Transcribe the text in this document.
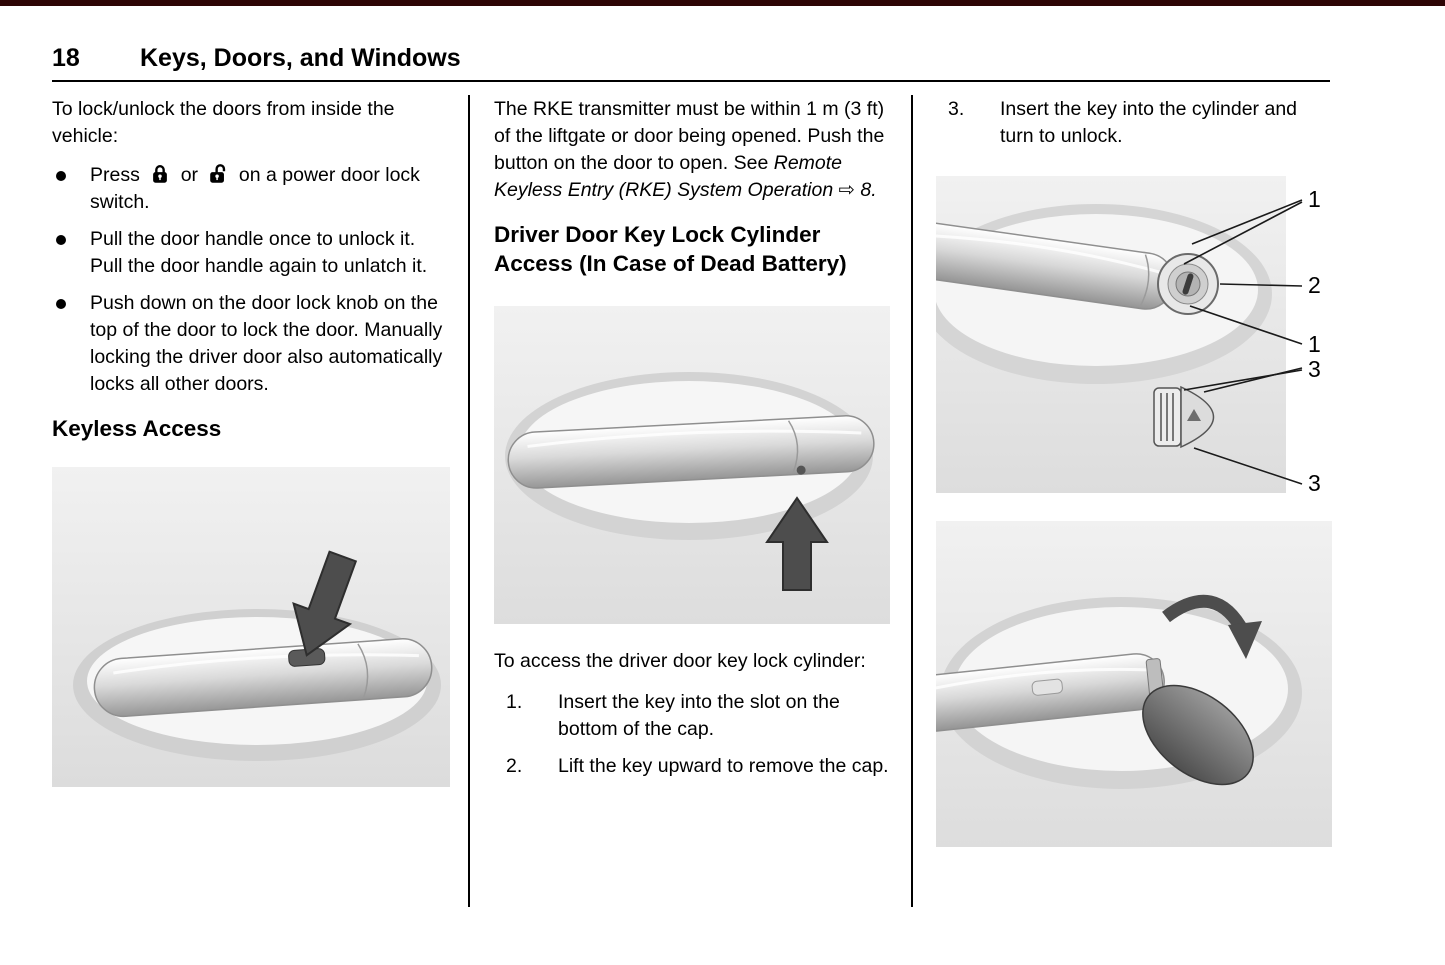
18 Keys, Doors, and Windows

To lock/unlock the doors from inside the vehicle:

Press or on a power door lock switch.
Pull the door handle once to unlock it. Pull the door handle again to unlatch it.
Push down on the door lock knob on the top of the door to lock the door. Manually locking the driver door also automatically locks all other doors.
Keyless Access

The RKE transmitter must be within 1 m (3 ft) of the liftgate or door being opened. Push the button on the door to open. See Remote Keyless Entry (RKE) System Operation ⇨ 8.

Driver Door Key Lock Cylinder Access (In Case of Dead Battery)

To access the driver door key lock cylinder:

1.	Insert the key into the slot on the bottom of the cap.
2.	Lift the key upward to remove the cap.
3.	Insert the key into the cylinder and turn to unlock.
1
2
1
3
3
